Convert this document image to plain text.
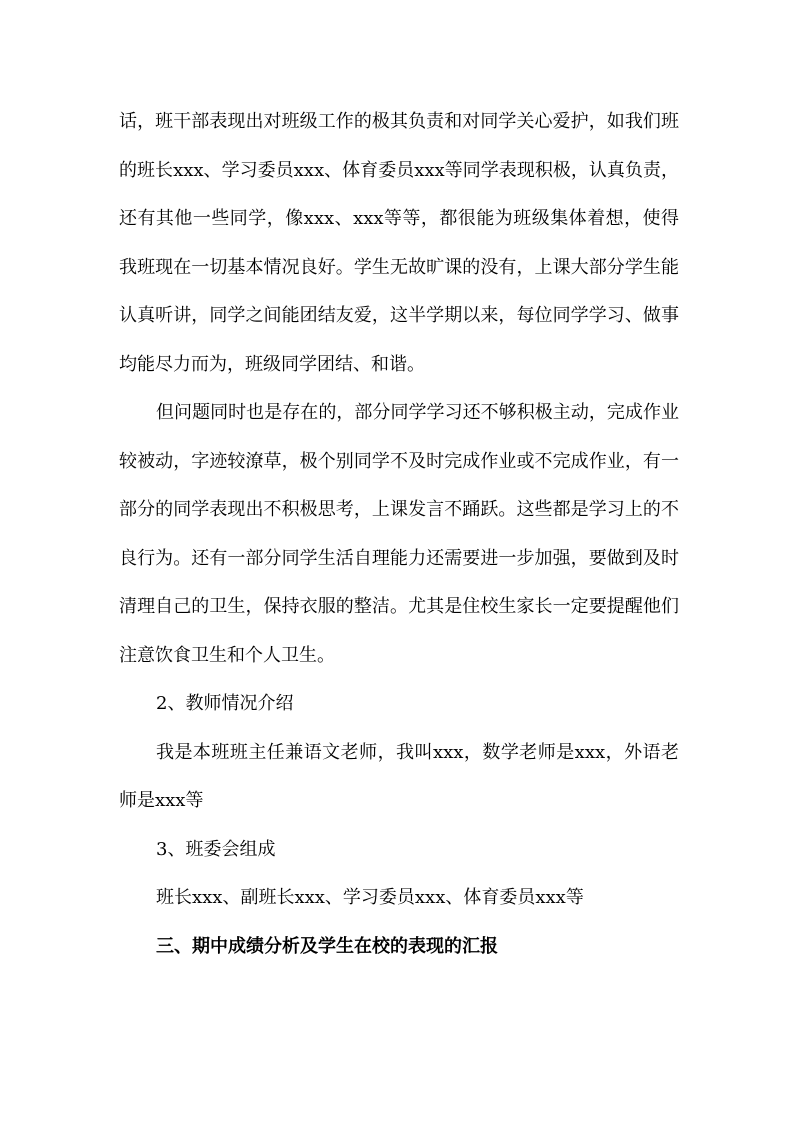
话，班干部表现出对班级工作的极其负责和对同学关心爱护，如我们班的班长xxx、学习委员xxx、体育委员xxx等同学表现积极，认真负责，还有其他一些同学，像xxx、xxx等等，都很能为班级集体着想，使得我班现在一切基本情况良好。学生无故旷课的没有，上课大部分学生能认真听讲，同学之间能团结友爱，这半学期以来，每位同学学习、做事均能尽力而为，班级同学团结、和谐。

但问题同时也是存在的，部分同学学习还不够积极主动，完成作业较被动，字迹较潦草，极个别同学不及时完成作业或不完成作业，有一部分的同学表现出不积极思考，上课发言不踊跃。这些都是学习上的不良行为。还有一部分同学生活自理能力还需要进一步加强，要做到及时清理自己的卫生，保持衣服的整洁。尤其是住校生家长一定要提醒他们注意饮食卫生和个人卫生。

2、教师情况介绍

我是本班班主任兼语文老师，我叫xxx，数学老师是xxx，外语老师是xxx等

3、班委会组成

班长xxx、副班长xxx、学习委员xxx、体育委员xxx等

三、期中成绩分析及学生在校的表现的汇报
